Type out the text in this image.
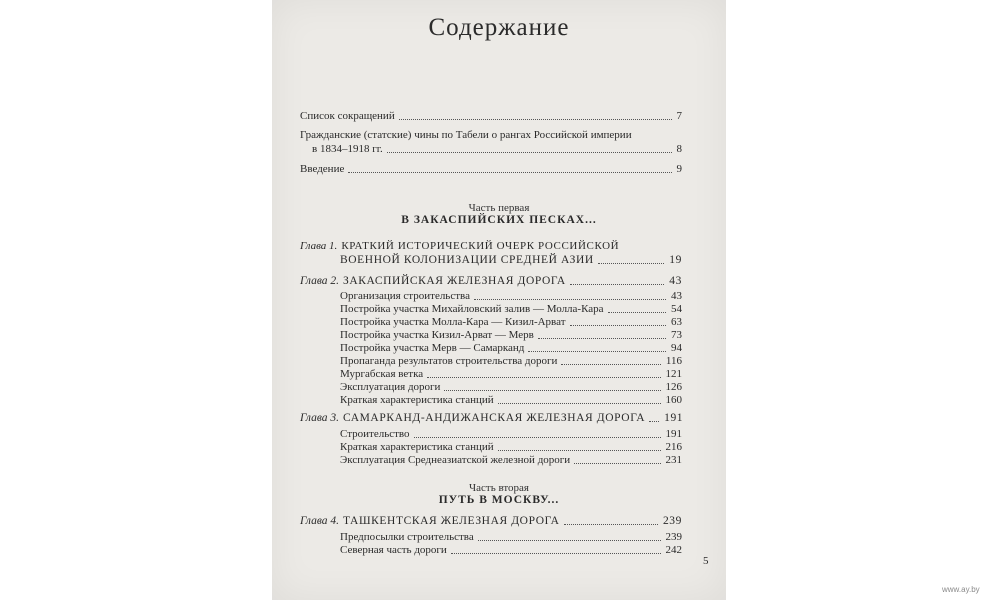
Содержание
Список сокращений	7
Гражданские (статские) чины по Табели о рангах Российской империи
в 1834–1918 гг.	8
Введение	9
Часть первая
В ЗАКАСПИЙСКИХ ПЕСКАХ...
Глава 1. КРАТКИЙ ИСТОРИЧЕСКИЙ ОЧЕРК РОССИЙСКОЙ
ВОЕННОЙ КОЛОНИЗАЦИИ СРЕДНЕЙ АЗИИ	19
Глава 2. ЗАКАСПИЙСКАЯ ЖЕЛЕЗНАЯ ДОРОГА	43
Организация строительства	43
Постройка участка Михайловский залив — Молла-Кара	54
Постройка участка Молла-Кара — Кизил-Арват	63
Постройка участка Кизил-Арват — Мерв	73
Постройка участка Мерв — Самарканд	94
Пропаганда результатов строительства дороги	116
Мургабская ветка	121
Эксплуатация дороги	126
Краткая характеристика станций	160
Глава 3. САМАРКАНД-АНДИЖАНСКАЯ ЖЕЛЕЗНАЯ ДОРОГА 191
Строительство	191
Краткая характеристика станций	216
Эксплуатация Среднеазиатской железной дороги	231
Часть вторая
ПУТЬ В МОСКВУ...
Глава 4. ТАШКЕНТСКАЯ ЖЕЛЕЗНАЯ ДОРОГА	239
Предпосылки строительства	239
Северная часть дороги	242
5
www.ay.by
